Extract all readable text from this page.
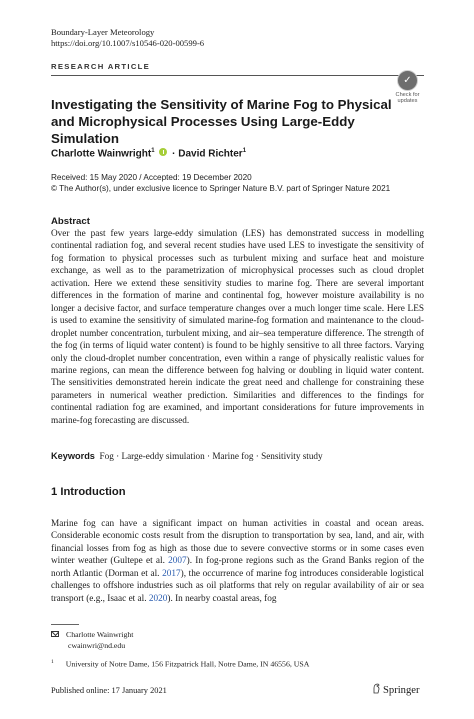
Boundary-Layer Meteorology
https://doi.org/10.1007/s10546-020-00599-6
RESEARCH ARTICLE
✓
Check for
updates
Investigating the Sensitivity of Marine Fog to Physical and Microphysical Processes Using Large-Eddy Simulation
Charlotte Wainwright$^1$ · David Richter$^1$
Received: 15 May 2020 / Accepted: 19 December 2020
© The Author(s), under exclusive licence to Springer Nature B.V. part of Springer Nature 2021
Abstract
Over the past few years large-eddy simulation (LES) has demonstrated success in modelling continental radiation fog, and several recent studies have used LES to investigate the sensitivity of fog formation to physical processes such as turbulent mixing and surface heat and moisture exchange, as well as to the parametrization of microphysical processes such as cloud droplet activation. Here we extend these sensitivity studies to marine fog. There are several important differences in the formation of marine and continental fog, however moisture availability is no longer a decisive factor, and surface temperature changes over a much longer time scale. Here LES is used to examine the sensitivity of simulated marine-fog formation and maintenance to the cloud-droplet number concentration, turbulent mixing, and air–sea temperature difference. The strength of the fog (in terms of liquid water content) is found to be highly sensitive to all three factors. Varying only the cloud-droplet number concentration, even within a range of physically realistic values for marine regions, can mean the difference between fog halving or doubling in liquid water content. The sensitivities demonstrated herein indicate the great need and challenge for constraining these parameters in numerical weather prediction. Similarities and differences to the findings for continental radiation fog are examined, and important considerations for future improvements in marine-fog forecasting are discussed.
Keywords Fog · Large-eddy simulation · Marine fog · Sensitivity study
1 Introduction
Marine fog can have a significant impact on human activities in coastal and ocean areas. Considerable economic costs result from the disruption to transportation by sea, land, and air, with financial losses from fog as high as those due to severe convective storms or in some cases even winter weather (Gultepe et al. 2007). In fog-prone regions such as the Grand Banks region of the north Atlantic (Dorman et al. 2017), the occurrence of marine fog introduces considerable logistical challenges to offshore industries such as oil platforms that rely on regular availability of air or sea transport (e.g., Isaac et al. 2020). In nearby coastal areas, fog
Charlotte Wainwright
cwainwri@nd.edu
$^1$ University of Notre Dame, 156 Fitzpatrick Hall, Notre Dame, IN 46556, USA
Published online: 17 January 2021	Springer
